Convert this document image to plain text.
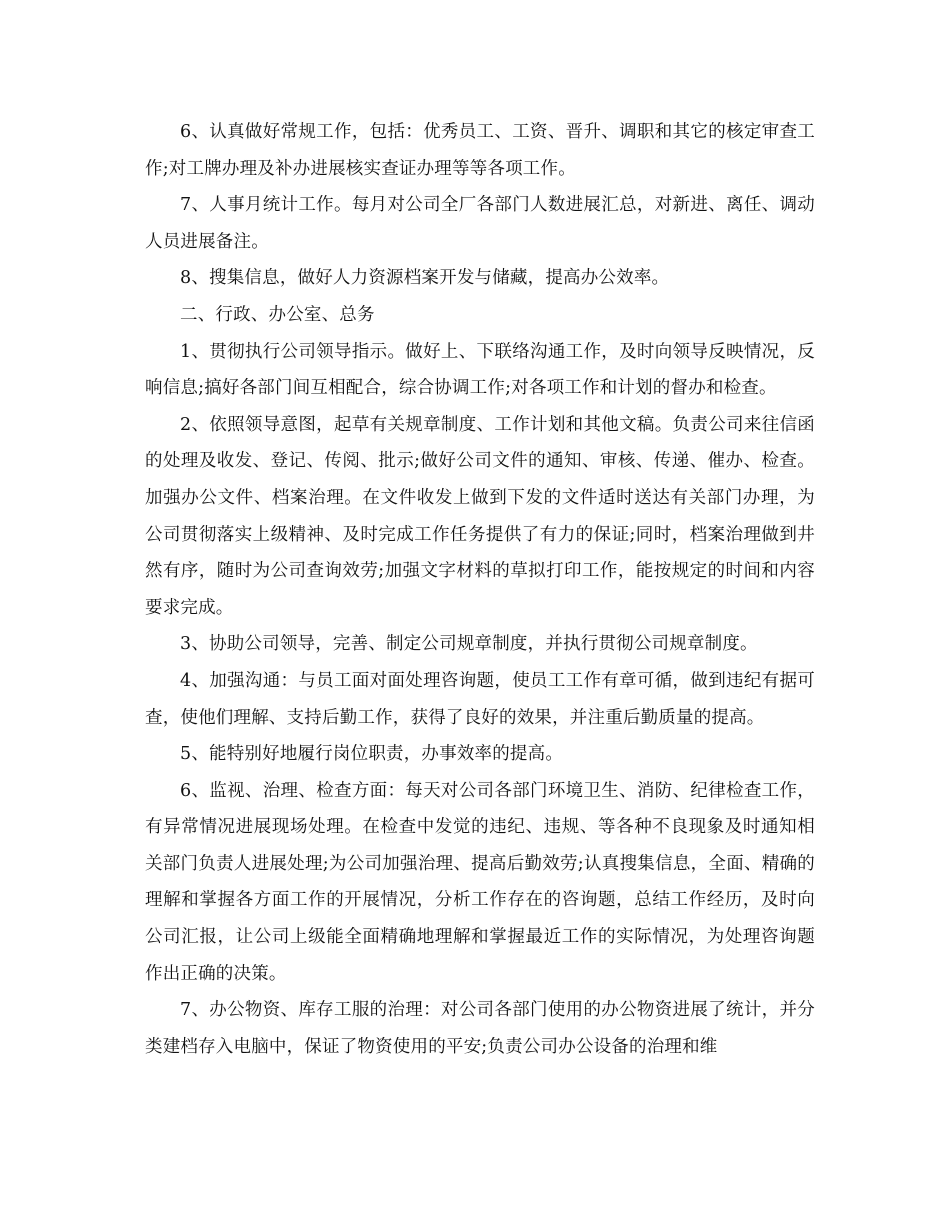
6、认真做好常规工作，包括：优秀员工、工资、晋升、调职和其它的核定审查工作;对工牌办理及补办进展核实查证办理等等各项工作。

7、人事月统计工作。每月对公司全厂各部门人数进展汇总，对新进、离任、调动人员进展备注。

8、搜集信息，做好人力资源档案开发与储藏，提高办公效率。

二、行政、办公室、总务

1、贯彻执行公司领导指示。做好上、下联络沟通工作，及时向领导反映情况，反响信息;搞好各部门间互相配合，综合协调工作;对各项工作和计划的督办和检查。

2、依照领导意图，起草有关规章制度、工作计划和其他文稿。负责公司来往信函的处理及收发、登记、传阅、批示;做好公司文件的通知、审核、传递、催办、检查。加强办公文件、档案治理。在文件收发上做到下发的文件适时送达有关部门办理，为公司贯彻落实上级精神、及时完成工作任务提供了有力的保证;同时，档案治理做到井然有序，随时为公司查询效劳;加强文字材料的草拟打印工作，能按规定的时间和内容要求完成。

3、协助公司领导，完善、制定公司规章制度，并执行贯彻公司规章制度。

4、加强沟通：与员工面对面处理咨询题，使员工工作有章可循，做到违纪有据可查，使他们理解、支持后勤工作，获得了良好的效果，并注重后勤质量的提高。

5、能特别好地履行岗位职责，办事效率的提高。

6、监视、治理、检查方面：每天对公司各部门环境卫生、消防、纪律检查工作，有异常情况进展现场处理。在检查中发觉的违纪、违规、等各种不良现象及时通知相关部门负责人进展处理;为公司加强治理、提高后勤效劳;认真搜集信息，全面、精确的理解和掌握各方面工作的开展情况，分析工作存在的咨询题，总结工作经历，及时向公司汇报，让公司上级能全面精确地理解和掌握最近工作的实际情况，为处理咨询题作出正确的决策。

7、办公物资、库存工服的治理：对公司各部门使用的办公物资进展了统计，并分类建档存入电脑中，保证了物资使用的平安;负责公司办公设备的治理和维
